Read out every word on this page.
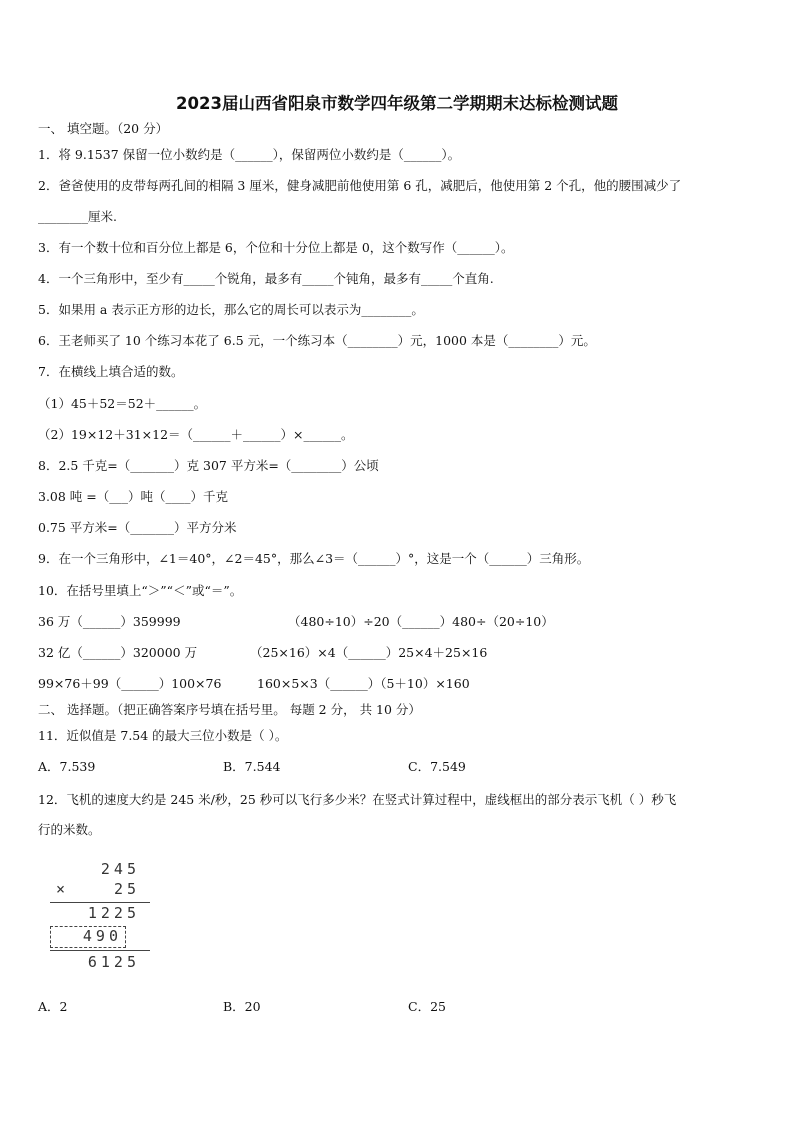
2023届山西省阳泉市数学四年级第二学期期末达标检测试题
一、 填空题。（20 分）
1．将 9.1537 保留一位小数约是（______），保留两位小数约是（______）。
2．爸爸使用的皮带每两孔间的相隔 3 厘米，健身减肥前他使用第 6 孔，减肥后，他使用第 2 个孔，他的腰围减少了
________厘米.
3．有一个数十位和百分位上都是 6，个位和十分位上都是 0，这个数写作（______）。
4．一个三角形中，至少有_____个锐角，最多有_____个钝角，最多有_____个直角.
5．如果用 a 表示正方形的边长，那么它的周长可以表示为________。
6．王老师买了 10 个练习本花了 6.5 元，一个练习本（________）元，1000 本是（________）元。
7．在横线上填合适的数。
（1）45＋52＝52＋______。
（2）19×12＋31×12＝（______＋______）×______。
8．2.5 千克=（_______）克 307 平方米=（________）公顷
3.08 吨 =（___）吨（____）千克
0.75 平方米=（_______）平方分米
9．在一个三角形中，∠1＝40°，∠2＝45°，那么∠3＝（______）°，这是一个（______）三角形。
10．在括号里填上“＞”“＜”或“＝”。
36 万（______）359999	（480÷10）÷20（______）480÷（20÷10）
32 亿（______）320000 万	（25×16）×4（______）25×4＋25×16
99×76＋99（______）100×76	160×5×3（______）（5＋10）×160
二、 选择题。（把正确答案序号填在括号里。 每题 2 分， 共 10 分）
11．近似值是 7.54 的最大三位小数是（ ）。
A．7.539	B．7.544	C．7.549
12．飞机的速度大约是 245 米/秒，25 秒可以飞行多少米？在竖式计算过程中，虚线框出的部分表示飞机（ ）秒飞
行的米数。
245
×	25
1225
490
6125
A．2	B．20	C．25
